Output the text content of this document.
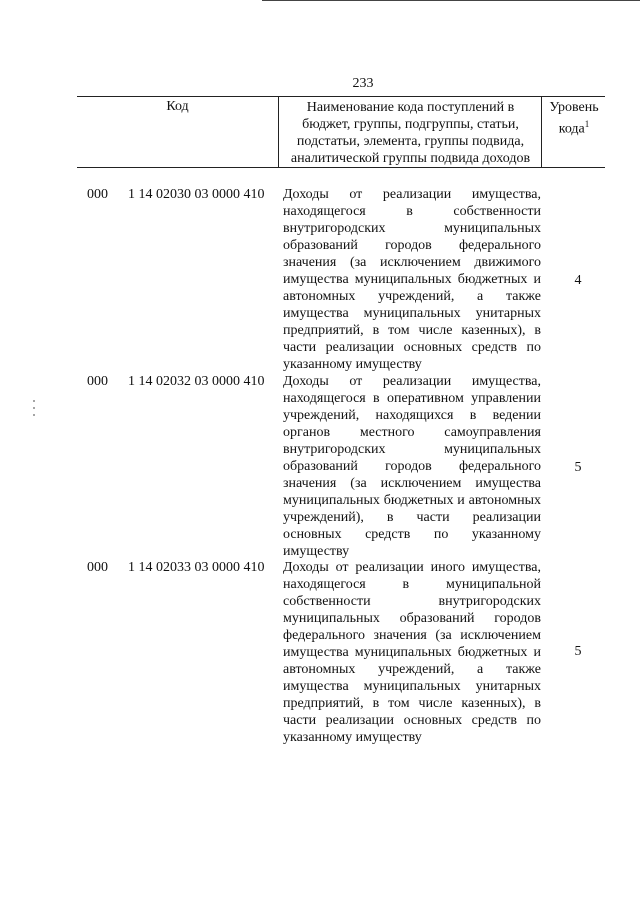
233
Код	Наименование кода поступлений в бюджет, группы, подгруппы, статьи, подстатьи, элемента, группы подвида, аналитической группы подвида доходов
Уровень кода$^1$
000 1 14 02030 03 0000 410 Доходы от реализации имущества, находящегося в собственности внутригородских муниципальных образований городов федерального значения (за исключением движимого имущества муниципальных бюджетных и автономных учреждений, а также имущества муниципальных унитарных предприятий, в том числе казенных), в части реализации основных средств по указанному имуществу
4
000 1 14 02032 03 0000 410 Доходы от реализации имущества, находящегося в оперативном управлении учреждений, находящихся в ведении органов местного самоуправления внутригородских муниципальных образований городов федерального значения (за исключением имущества муниципальных бюджетных и автономных учреждений), в части реализации основных средств по указанному имуществу
5
000 1 14 02033 03 0000 410 Доходы от реализации иного имущества, находящегося в муниципальной собственности внутригородских муниципальных образований городов федерального значения (за исключением имущества муниципальных бюджетных и автономных учреждений, а также имущества муниципальных унитарных предприятий, в том числе казенных), в части реализации основных средств по указанному имуществу
5
